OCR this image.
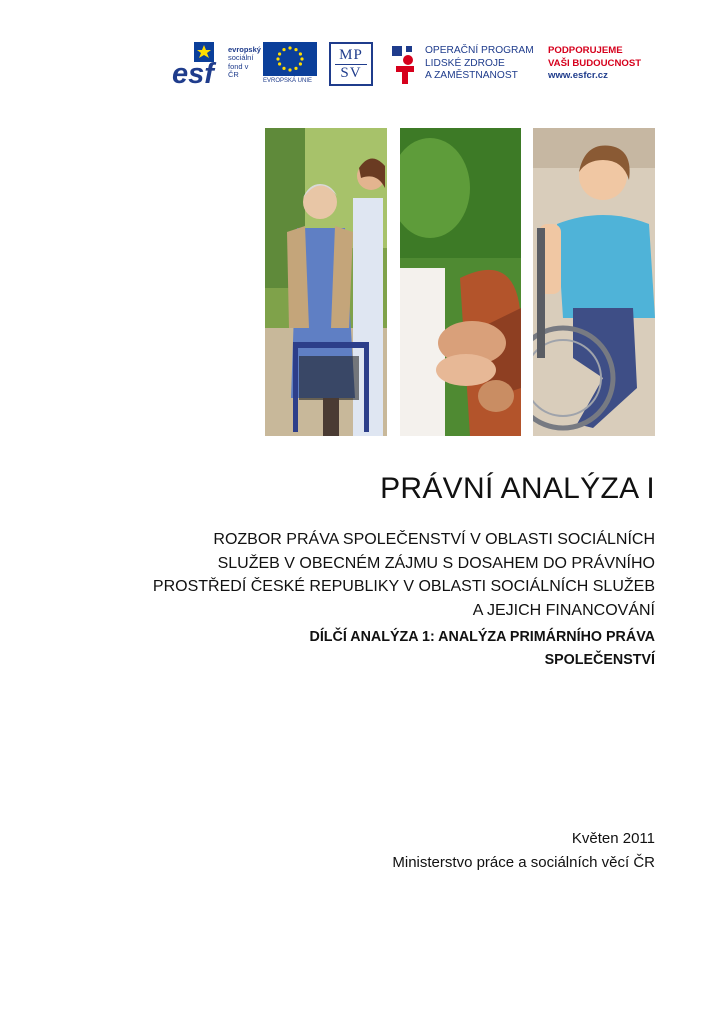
esf
evropský
sociální
fond v ČR
EVROPSKÁ UNIE
MP
SV
OPERAČNÍ PROGRAM
LIDSKÉ ZDROJE
A ZAMĚSTNANOST
PODPORUJEME
VAŠI BUDOUCNOST
www.esfcr.cz
PRÁVNÍ ANALÝZA I
ROZBOR PRÁVA SPOLEČENSTVÍ V OBLASTI SOCIÁLNÍCH
SLUŽEB V OBECNÉM ZÁJMU S DOSAHEM DO PRÁVNÍHO
PROSTŘEDÍ ČESKÉ REPUBLIKY V OBLASTI SOCIÁLNÍCH SLUŽEB
A JEJICH FINANCOVÁNÍ
DÍLČÍ ANALÝZA 1: ANALÝZA PRIMÁRNÍHO PRÁVA
SPOLEČENSTVÍ
Květen 2011
Ministerstvo práce a sociálních věcí ČR
